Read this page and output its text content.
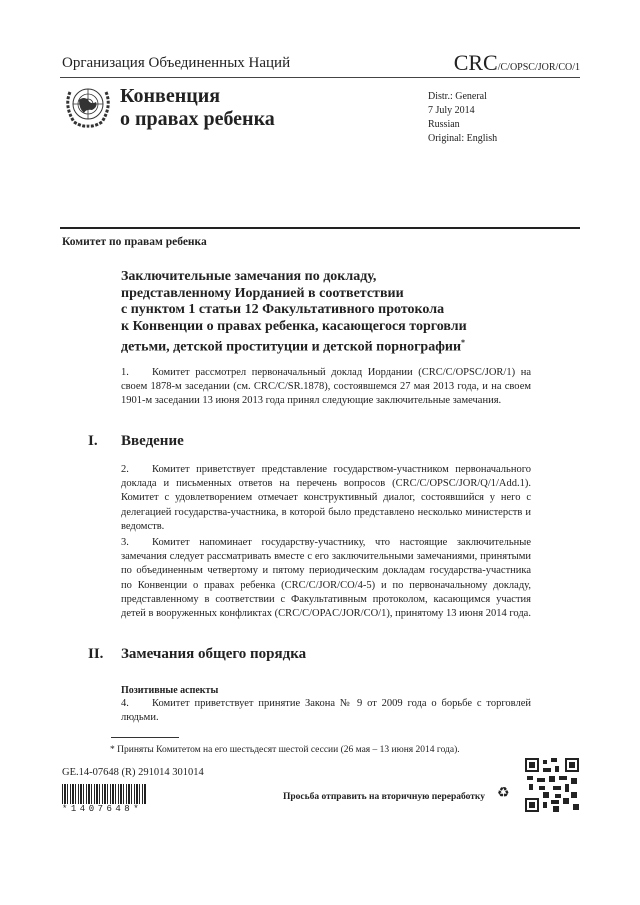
Организация Объединенных Наций	CRC/C/OPSC/JOR/CO/1
Конвенция
о правах ребенка
Distr.: General
7 July 2014
Russian
Original: English
Комитет по правам ребенка
Заключительные замечания по докладу,
представленному Иорданией в соответствии
с пунктом 1 статьи 12 Факультативного протокола
к Конвенции о правах ребенка, касающегося торговли
детьми, детской проституции и детской порнографии*
1. Комитет рассмотрел первоначальный доклад Иордании (CRC/C/OPSC/JOR/1) на своем 1878-м заседании (см. CRC/C/SR.1878), состоявшемся 27 мая 2013 года, и на своем 1901-м заседании 13 июня 2013 года принял следующие заключительные замечания.
I. Введение
2. Комитет приветствует представление государством-участником первоначального доклада и письменных ответов на перечень вопросов (CRC/C/OPSC/JOR/Q/1/Add.1). Комитет с удовлетворением отмечает конструктивный диалог, состоявшийся у него с делегацией государства-участника, в которой было представлено несколько министерств и ведомств.
3. Комитет напоминает государству-участнику, что настоящие заключительные замечания следует рассматривать вместе с его заключительными замечаниями, принятыми по объединенным четвертому и пятому периодическим докладам государства-участника по Конвенции о правах ребенка (CRC/C/JOR/CO/4-5) и по первоначальному докладу, представленному в соответствии с Факультативным протоколом, касающимся участия детей в вооруженных конфликтах (CRC/C/OPAC/JOR/CO/1), принятому 13 июня 2014 года.
II. Замечания общего порядка
Позитивные аспекты
4. Комитет приветствует принятие Закона № 9 от 2009 года о борьбе с торговлей людьми.
* Приняты Комитетом на его шестьдесят шестой сессии (26 мая – 13 июня 2014 года).
GE.14-07648 (R) 291014 301014
*1407648*
Просьба отправить на вторичную переработку ♻
